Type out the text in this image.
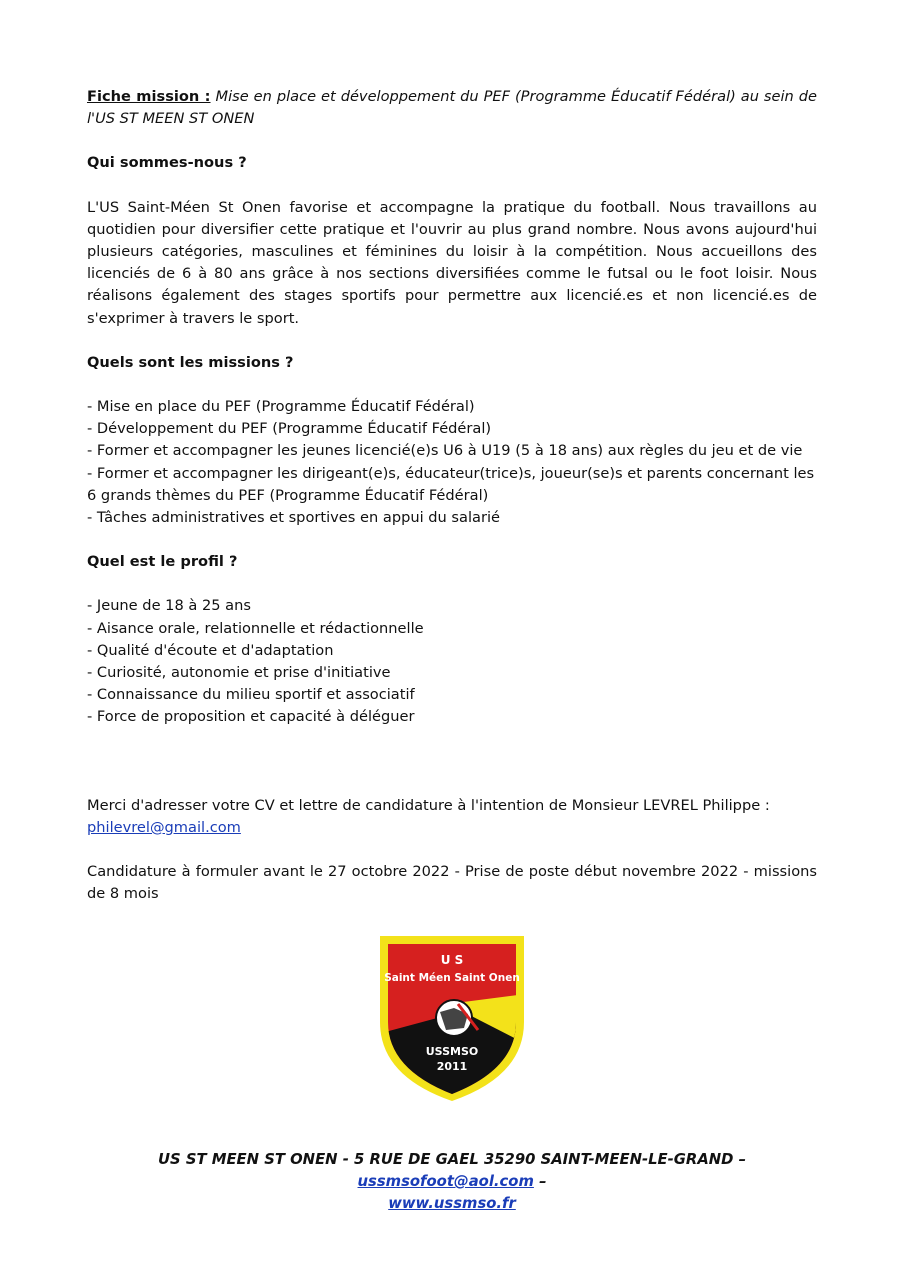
Fiche mission : Mise en place et développement du PEF (Programme Éducatif Fédéral) au sein de l'US ST MEEN ST ONEN

Qui sommes-nous ?

L'US Saint-Méen St Onen favorise et accompagne la pratique du football. Nous travaillons au quotidien pour diversifier cette pratique et l'ouvrir au plus grand nombre. Nous avons aujourd'hui plusieurs catégories, masculines et féminines du loisir à la compétition. Nous accueillons des licenciés de 6 à 80 ans grâce à nos sections diversifiées comme le futsal ou le foot loisir. Nous réalisons également des stages sportifs pour permettre aux licencié.es et non licencié.es de s'exprimer à travers le sport.

Quels sont les missions ?

- Mise en place du PEF (Programme Éducatif Fédéral)
- Développement du PEF (Programme Éducatif Fédéral)
- Former et accompagner les jeunes licencié(e)s U6 à U19 (5 à 18 ans) aux règles du jeu et de vie
- Former et accompagner les dirigeant(e)s, éducateur(trice)s, joueur(se)s et parents concernant les 6 grands thèmes du PEF (Programme Éducatif Fédéral)
- Tâches administratives et sportives en appui du salarié

Quel est le profil ?

- Jeune de 18 à 25 ans
- Aisance orale, relationnelle et rédactionnelle
- Qualité d'écoute et d'adaptation
- Curiosité, autonomie et prise d'initiative
- Connaissance du milieu sportif et associatif
- Force de proposition et capacité à déléguer

Merci d'adresser votre CV et lettre de candidature à l'intention de Monsieur LEVREL Philippe :
philevrel@gmail.com

Candidature à formuler avant le 27 octobre 2022 - Prise de poste début novembre 2022 - missions de 8 mois

U S
Saint Méen Saint Onen
USSMSO
2011
US ST MEEN ST ONEN - 5 RUE DE GAEL 35290 SAINT-MEEN-LE-GRAND – ussmsofoot@aol.com –
www.ussmso.fr
